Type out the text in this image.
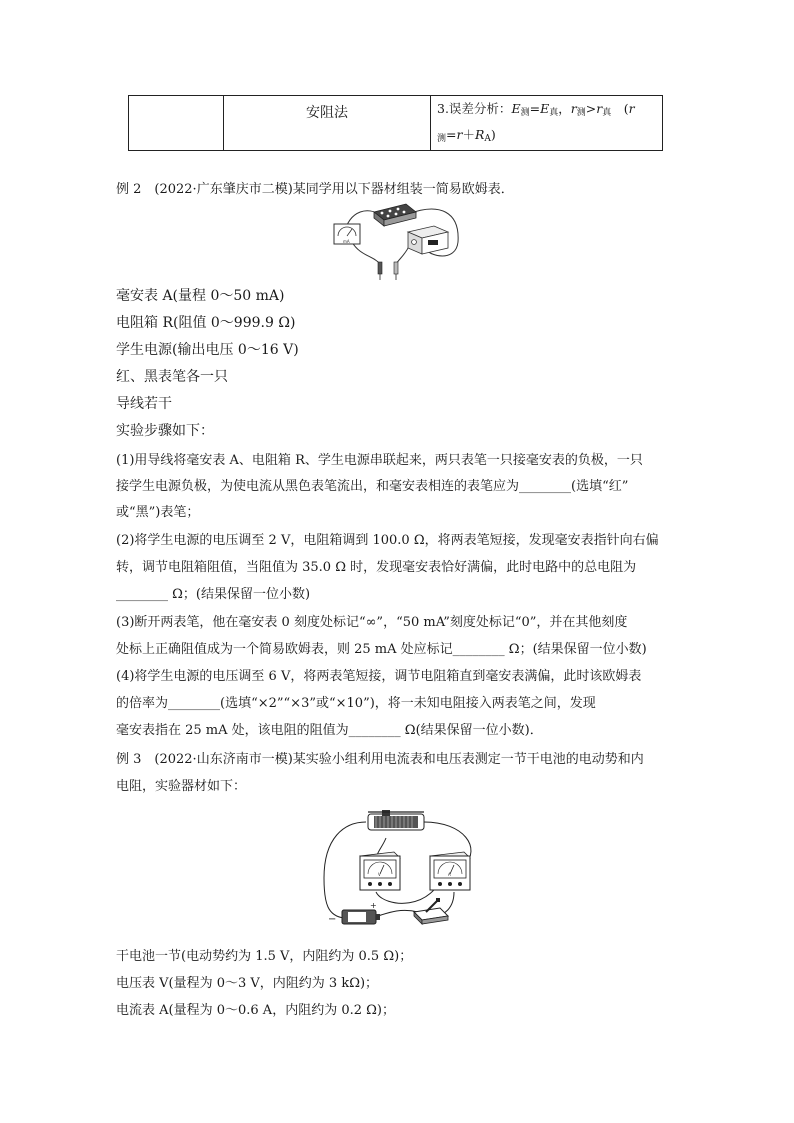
安阻法	3.误差分析：$E_测=E_真$，$r_测>r_真$　(r
$_测=r+R_A$)
例 2　(2022·广东肇庆市二模)某同学用以下器材组装一简易欧姆表．
mA
毫安表 A(量程 0～50 mA)
电阻箱 R(阻值 0～999.9 Ω)
学生电源(输出电压 0～16 V)
红、黑表笔各一只
导线若干
实验步骤如下：
(1)用导线将毫安表 A、电阻箱 R、学生电源串联起来，两只表笔一只接毫安表的负极，一只
接学生电源负极，为使电流从黑色表笔流出，和毫安表相连的表笔应为________(选填“红”
或“黑”)表笔；
(2)将学生电源的电压调至 2 V，电阻箱调到 100.0 Ω，将两表笔短接，发现毫安表指针向右偏
转，调节电阻箱阻值，当阻值为 35.0 Ω 时，发现毫安表恰好满偏，此时电路中的总电阻为
________ Ω；(结果保留一位小数)
(3)断开两表笔，他在毫安表 0 刻度处标记“∞”，“50 mA”刻度处标记“0”，并在其他刻度
处标上正确阻值成为一个简易欧姆表，则 25 mA 处应标记________ Ω；(结果保留一位小数)
(4)将学生电源的电压调至 6 V，将两表笔短接，调节电阻箱直到毫安表满偏，此时该欧姆表
的倍率为________(选填“×2”“×3”或“×10”)，将一未知电阻接入两表笔之间，发现
毫安表指在 25 mA 处，该电阻的阻值为________ Ω(结果保留一位小数)．
例 3　(2022·山东济南市一模)某实验小组利用电流表和电压表测定一节干电池的电动势和内
电阻，实验器材如下：
V	A
−
+
干电池一节(电动势约为 1.5 V，内阻约为 0.5 Ω)；
电压表 V(量程为 0～3 V，内阻约为 3 kΩ)；
电流表 A(量程为 0～0.6 A，内阻约为 0.2 Ω)；
